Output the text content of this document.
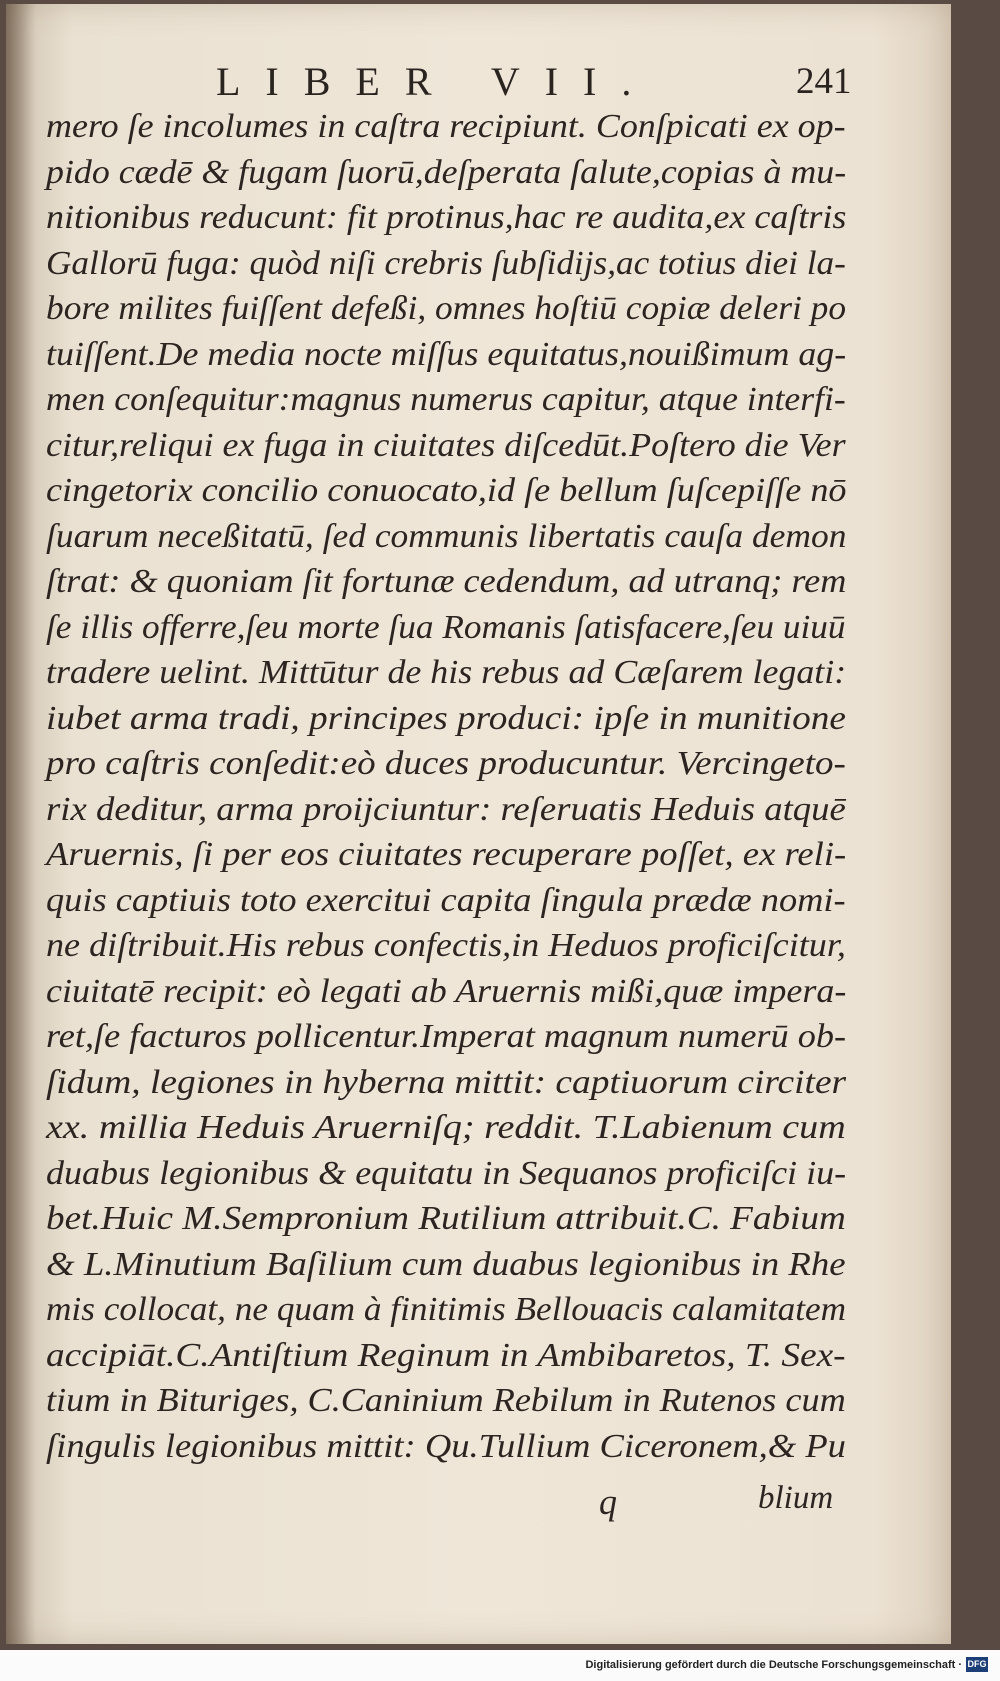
LIBER VII.	241
mero ſe incolumes in caſtra recipiunt. Conſpicati ex op-
pido cædē & fugam ſuorū,deſperata ſalute,copias à mu-
nitionibus reducunt: fit protinus,hac re audita,ex caſtris
Gallorū fuga: quòd niſi crebris ſubſidijs,ac totius diei la-
bore milites fuiſſent defeßi, omnes hoſtiū copiæ deleri po
tuiſſent.De media nocte miſſus equitatus,nouißimum ag-
men conſequitur:magnus numerus capitur, atque interfi-
citur,reliqui ex fuga in ciuitates diſcedūt.Poſtero die Ver
cingetorix concilio conuocato,id ſe bellum ſuſcepiſſe nō
ſuarum neceßitatū, ſed communis libertatis cauſa demon
ſtrat: & quoniam ſit fortunæ cedendum, ad utranq; rem
ſe illis offerre,ſeu morte ſua Romanis ſatisfacere,ſeu uiuū
tradere uelint. Mittūtur de his rebus ad Cæſarem legati:
iubet arma tradi, principes produci: ipſe in munitione
pro caſtris conſedit:eò duces producuntur. Vercingeto-
rix deditur, arma proijciuntur: reſeruatis Heduis atquē
Aruernis, ſi per eos ciuitates recuperare poſſet, ex reli-
quis captiuis toto exercitui capita ſingula prædæ nomi-
ne diſtribuit.His rebus confectis,in Heduos proficiſcitur,
ciuitatē recipit: eò legati ab Aruernis mißi,quæ impera-
ret,ſe facturos pollicentur.Imperat magnum numerū ob-
ſidum, legiones in hyberna mittit: captiuorum circiter
xx. millia Heduis Aruerniſq; reddit. T.Labienum cum
duabus legionibus & equitatu in Sequanos proficiſci iu-
bet.Huic M.Sempronium Rutilium attribuit.C. Fabium
& L.Minutium Baſilium cum duabus legionibus in Rhe
mis collocat, ne quam à finitimis Bellouacis calamitatem
accipiāt.C.Antiſtium Reginum in Ambibaretos, T. Sex-
tium in Bituriges, C.Caninium Rebilum in Rutenos cum
ſingulis legionibus mittit: Qu.Tullium Ciceronem,& Pu
q	blium
Digitalisierung gefördert durch die Deutsche Forschungsgemeinschaft · DFG
